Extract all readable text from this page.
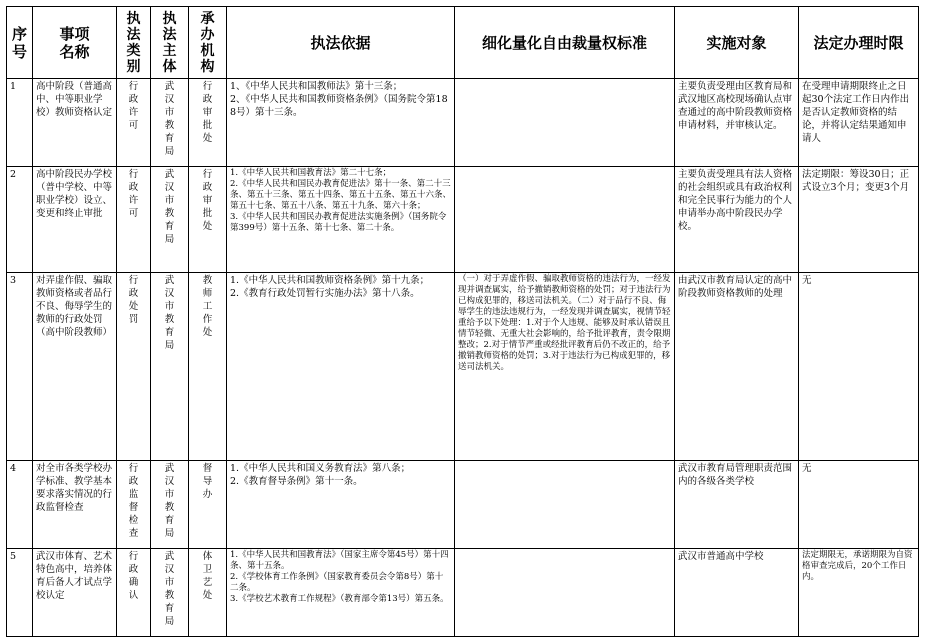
序号	事项名称	执法类别	执法主体	承办机构	执法依据	细化量化自由裁量权标准	实施对象	法定办理时限
1	高中阶段（普通高中、中等职业学校）教师资格认定	行政许可	武汉市教育局	行政审批处	1、《中华人民共和国教师法》第十三条；
2、《中华人民共和国教师资格条例》（国务院令第188号）第十三条。		主要负责受理由区教育局和武汉地区高校现场确认点审查通过的高中阶段教师资格申请材料，并审核认定。	在受理申请期限终止之日起30个法定工作日内作出是否认定教师资格的结论，并将认定结果通知申请人
2	高中阶段民办学校（普中学校、中等职业学校）设立、变更和终止审批	行政许可	武汉市教育局	行政审批处	1.《中华人民共和国教育法》第二十七条；
2.《中华人民共和国民办教育促进法》第十一条、第二十三条、第五十三条、第五十四条、第五十五条、第五十六条、第五十七条、第五十八条、第五十九条、第六十条；
3.《中华人民共和国民办教育促进法实施条例》（国务院令第399号）第十五条、第十七条、第二十条。		主要负责受理具有法人资格的社会组织或具有政治权利和完全民事行为能力的个人申请举办高中阶段民办学校。	法定期限：筹设30日；正式设立3个月；变更3个月
3	对弄虚作假、骗取教师资格或者品行不良、侮辱学生的教师的行政处罚（高中阶段教师）	行政处罚	武汉市教育局	教师工作处	1.《中华人民共和国教师资格条例》第十九条；
2.《教育行政处罚暂行实施办法》第十八条。	（一）对于弄虚作假、骗取教师资格的违法行为，一经发现并调查属实，给予撤销教师资格的处罚；对于违法行为已构成犯罪的，移送司法机关。（二）对于品行不良、侮辱学生的违法违规行为，一经发现并调查属实，视情节轻重给予以下处理：1.对于个人违规、能够及时承认错误且情节轻微、无重大社会影响的，给予批评教育，责令限期整改；2.对于情节严重或经批评教育后仍不改正的，给予撤销教师资格的处罚；3.对于违法行为已构成犯罪的，移送司法机关。	由武汉市教育局认定的高中阶段教师资格教师的处理	无
4	对全市各类学校办学标准、教学基本要求落实情况的行政监督检查	行政监督检查	武汉市教育局	督导办	1.《中华人民共和国义务教育法》第八条；
2.《教育督导条例》第十一条。		武汉市教育局管理职责范围内的各级各类学校	无
5	武汉市体育、艺术特色高中，培养体育后备人才试点学校认定	行政确认	武汉市教育局	体卫艺处	1.《中华人民共和国教育法》（国家主席令第45号）第十四条、第十五条。
2.《学校体育工作条例》（国家教育委员会令第8号）第十二条。
3.《学校艺术教育工作规程》（教育部令第13号）第五条。		武汉市普通高中学校	法定期限无，承诺期限为自资格审查完成后，20个工作日内。
